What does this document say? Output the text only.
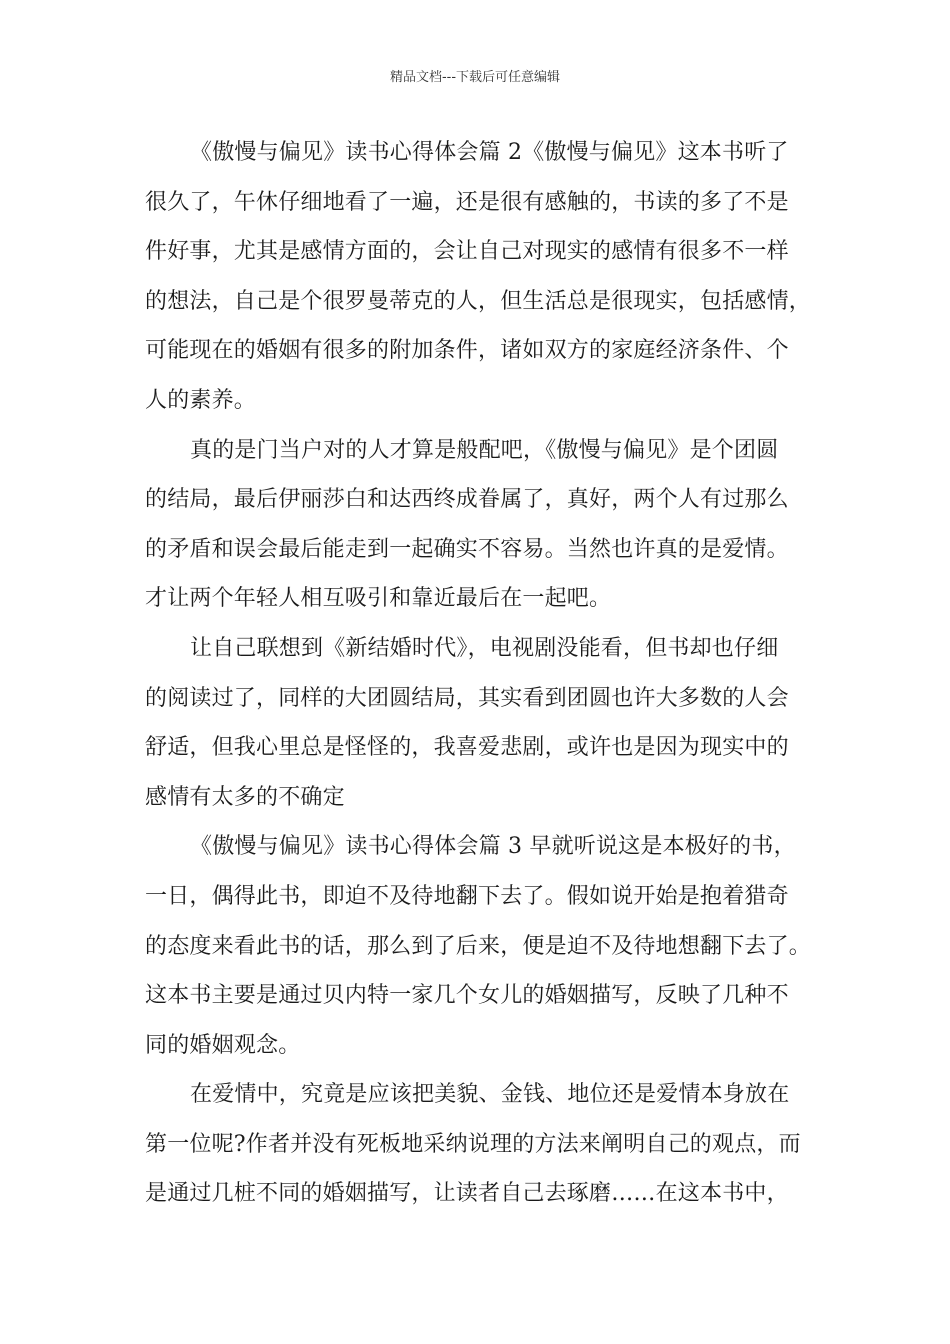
精品文档---下载后可任意编辑

《傲慢与偏见》读书心得体会篇 2《傲慢与偏见》这本书听了
很久了，午休仔细地看了一遍，还是很有感触的，书读的多了不是
件好事，尤其是感情方面的，会让自己对现实的感情有很多不一样
的想法，自己是个很罗曼蒂克的人，但生活总是很现实，包括感情，
可能现在的婚姻有很多的附加条件，诸如双方的家庭经济条件、个
人的素养。

真的是门当户对的人才算是般配吧，《傲慢与偏见》是个团圆
的结局，最后伊丽莎白和达西终成眷属了，真好，两个人有过那么
的矛盾和误会最后能走到一起确实不容易。当然也许真的是爱情。
才让两个年轻人相互吸引和靠近最后在一起吧。

让自己联想到《新结婚时代》，电视剧没能看，但书却也仔细
的阅读过了，同样的大团圆结局，其实看到团圆也许大多数的人会
舒适，但我心里总是怪怪的，我喜爱悲剧，或许也是因为现实中的
感情有太多的不确定

《傲慢与偏见》读书心得体会篇 3 早就听说这是本极好的书，
一日，偶得此书，即迫不及待地翻下去了。假如说开始是抱着猎奇
的态度来看此书的话，那么到了后来，便是迫不及待地想翻下去了。
这本书主要是通过贝内特一家几个女儿的婚姻描写，反映了几种不
同的婚姻观念。

在爱情中，究竟是应该把美貌、金钱、地位还是爱情本身放在
第一位呢?作者并没有死板地采纳说理的方法来阐明自己的观点，而
是通过几桩不同的婚姻描写，让读者自己去琢磨……在这本书中，
